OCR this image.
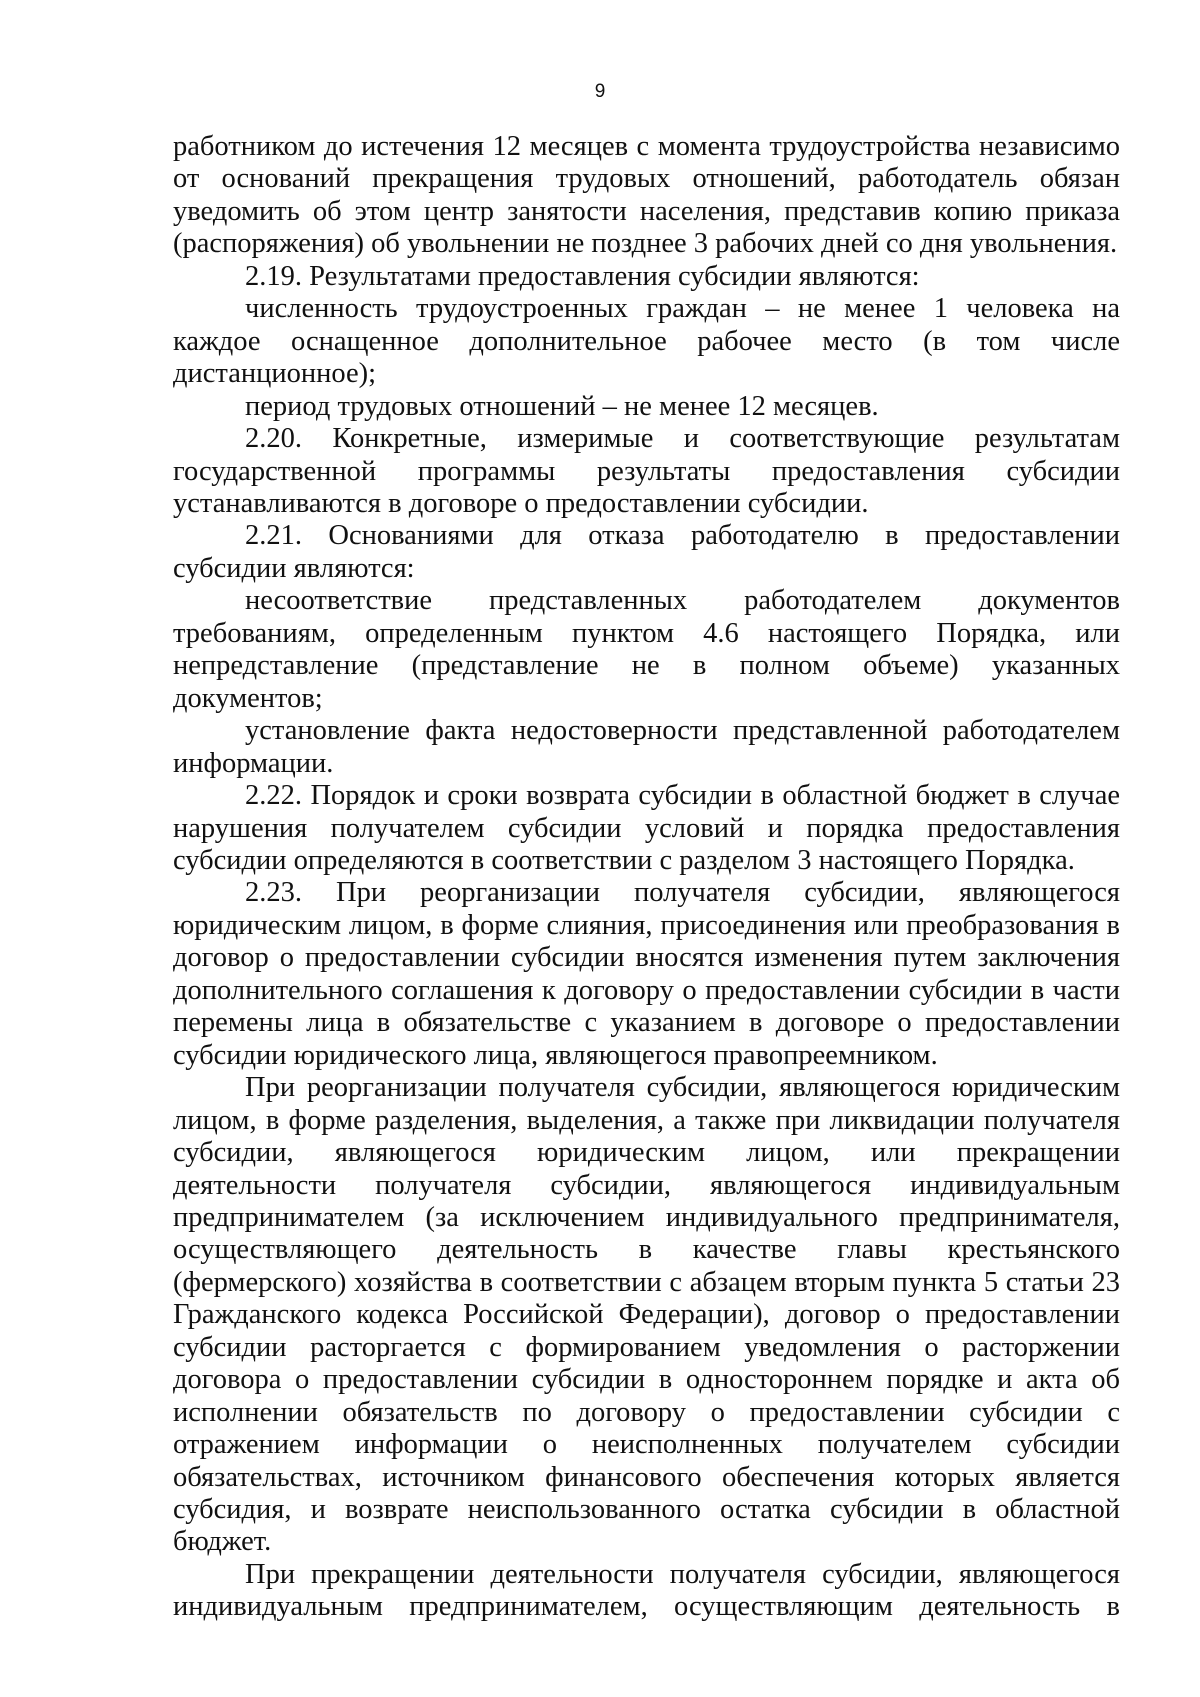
9

работником до истечения 12 месяцев с момента трудоустройства независимо от оснований прекращения трудовых отношений, работодатель обязан уведомить об этом центр занятости населения, представив копию приказа (распоряжения) об увольнении не позднее 3 рабочих дней со дня увольнения.

2.19. Результатами предоставления субсидии являются:

численность трудоустроенных граждан – не менее 1 человека на каждое оснащенное дополнительное рабочее место (в том числе дистанционное);

период трудовых отношений – не менее 12 месяцев.

2.20. Конкретные, измеримые и соответствующие результатам государственной программы результаты предоставления субсидии устанавливаются в договоре о предоставлении субсидии.

2.21. Основаниями для отказа работодателю в предоставлении субсидии являются:

несоответствие представленных работодателем документов требованиям, определенным пунктом 4.6 настоящего Порядка, или непредставление (представление не в полном объеме) указанных документов;

установление факта недостоверности представленной работодателем информации.

2.22. Порядок и сроки возврата субсидии в областной бюджет в случае нарушения получателем субсидии условий и порядка предоставления субсидии определяются в соответствии с разделом 3 настоящего Порядка.

2.23. При реорганизации получателя субсидии, являющегося юридическим лицом, в форме слияния, присоединения или преобразования в договор о предоставлении субсидии вносятся изменения путем заключения дополнительного соглашения к договору о предоставлении субсидии в части перемены лица в обязательстве с указанием в договоре о предоставлении субсидии юридического лица, являющегося правопреемником.

При реорганизации получателя субсидии, являющегося юридическим лицом, в форме разделения, выделения, а также при ликвидации получателя субсидии, являющегося юридическим лицом, или прекращении деятельности получателя субсидии, являющегося индивидуальным предпринимателем (за исключением индивидуального предпринимателя, осуществляющего деятельность в качестве главы крестьянского (фермерского) хозяйства в соответствии с абзацем вторым пункта 5 статьи 23 Гражданского кодекса Российской Федерации), договор о предоставлении субсидии расторгается с формированием уведомления о расторжении договора о предоставлении субсидии в одностороннем порядке и акта об исполнении обязательств по договору о предоставлении субсидии с отражением информации о неисполненных получателем субсидии обязательствах, источником финансового обеспечения которых является субсидия, и возврате неиспользованного остатка субсидии в областной бюджет.

При прекращении деятельности получателя субсидии, являющегося индивидуальным предпринимателем, осуществляющим деятельность в
